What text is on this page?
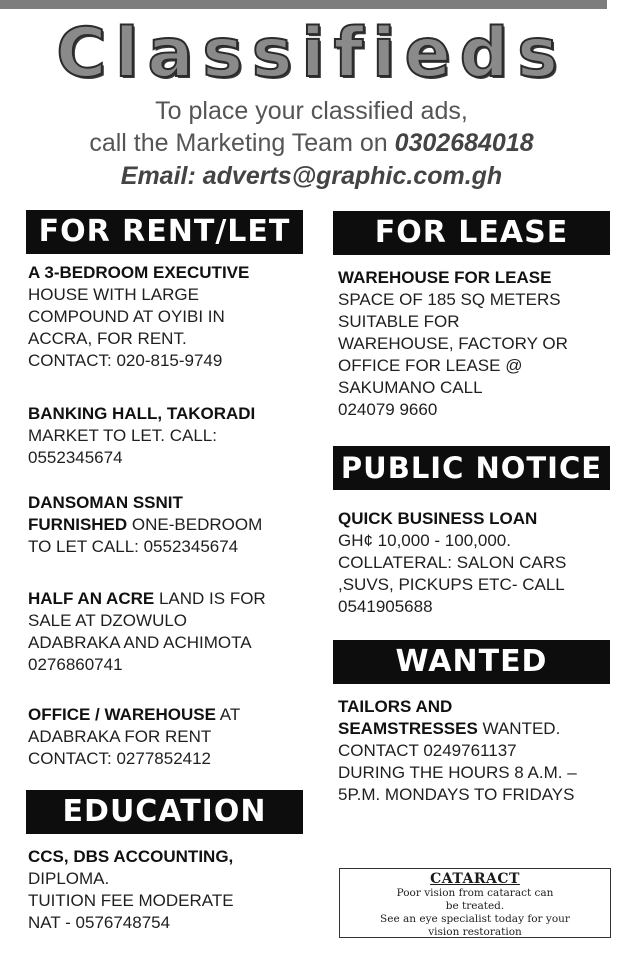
Classifieds
To place your classified ads,
call the Marketing Team on 0302684018
Email: adverts@graphic.com.gh
FOR RENT/LET
A 3-BEDROOM EXECUTIVE
HOUSE WITH LARGE
COMPOUND AT OYIBI IN
ACCRA, FOR RENT.
CONTACT: 020-815-9749
BANKING HALL, TAKORADI
MARKET TO LET. CALL:
0552345674
DANSOMAN SSNIT
FURNISHED ONE-BEDROOM
TO LET CALL: 0552345674
HALF AN ACRE LAND IS FOR
SALE AT DZOWULO
ADABRAKA AND ACHIMOTA
0276860741
OFFICE / WAREHOUSE AT
ADABRAKA FOR RENT
CONTACT: 0277852412
EDUCATION
CCS, DBS ACCOUNTING,
DIPLOMA.
TUITION FEE MODERATE
NAT - 0576748754
FOR LEASE
WAREHOUSE FOR LEASE
SPACE OF 185 SQ METERS
SUITABLE FOR
WAREHOUSE, FACTORY OR
OFFICE FOR LEASE @
SAKUMANO CALL
024079 9660
PUBLIC NOTICE
QUICK BUSINESS LOAN
GH¢ 10,000 - 100,000.
COLLATERAL: SALON CARS
,SUVS, PICKUPS ETC- CALL
0541905688
WANTED
TAILORS AND
SEAMSTRESSES WANTED.
CONTACT 0249761137
DURING THE HOURS 8 A.M. –
5P.M. MONDAYS TO FRIDAYS
CATARACT
Poor vision from cataract can
be treated.
See an eye specialist today for your
vision restoration
